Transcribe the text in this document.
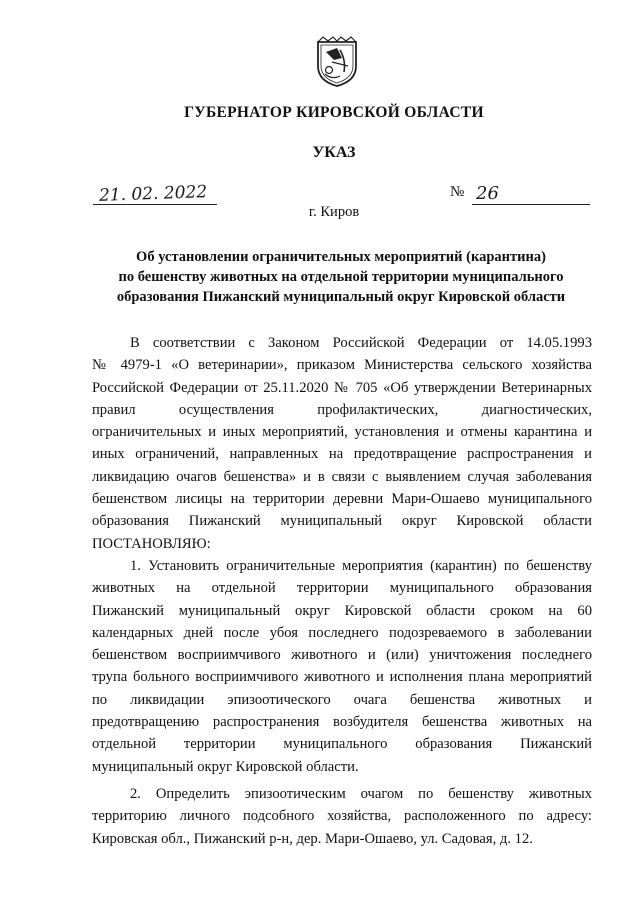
ГУБЕРНАТОР КИРОВСКОЙ ОБЛАСТИ
УКАЗ
21. 02. 2022	№ 26
г. Киров
Об установлении ограничительных мероприятий (карантина)
по бешенству животных на отдельной территории муниципального
образования Пижанский муниципальный округ Кировской области
В соответствии с Законом Российской Федерации от 14.05.1993
№ 4979-1 «О ветеринарии», приказом Министерства сельского хозяйства
Российской Федерации от 25.11.2020 № 705 «Об утверждении Ветеринарных
правил осуществления профилактических, диагностических,
ограничительных и иных мероприятий, установления и отмены карантина и
иных ограничений, направленных на предотвращение распространения и
ликвидацию очагов бешенства» и в связи с выявлением случая заболевания
бешенством лисицы на территории деревни Мари-Ошаево муниципального
образования Пижанский муниципальный округ Кировской области
ПОСТАНОВЛЯЮ:
1. Установить ограничительные мероприятия (карантин) по бешенству
животных на отдельной территории муниципального образования
Пижанский муниципальный округ Кировской области сроком на 60
календарных дней после убоя последнего подозреваемого в заболевании
бешенством восприимчивого животного и (или) уничтожения последнего
трупа больного восприимчивого животного и исполнения плана мероприятий
по ликвидации эпизоотического очага бешенства животных и
предотвращению распространения возбудителя бешенства животных на
отдельной территории муниципального образования Пижанский
муниципальный округ Кировской области.
2. Определить эпизоотическим очагом по бешенству животных
территорию личного подсобного хозяйства, расположенного по адресу:
Кировская обл., Пижанский р-н, дер. Мари-Ошаево, ул. Садовая, д. 12.
